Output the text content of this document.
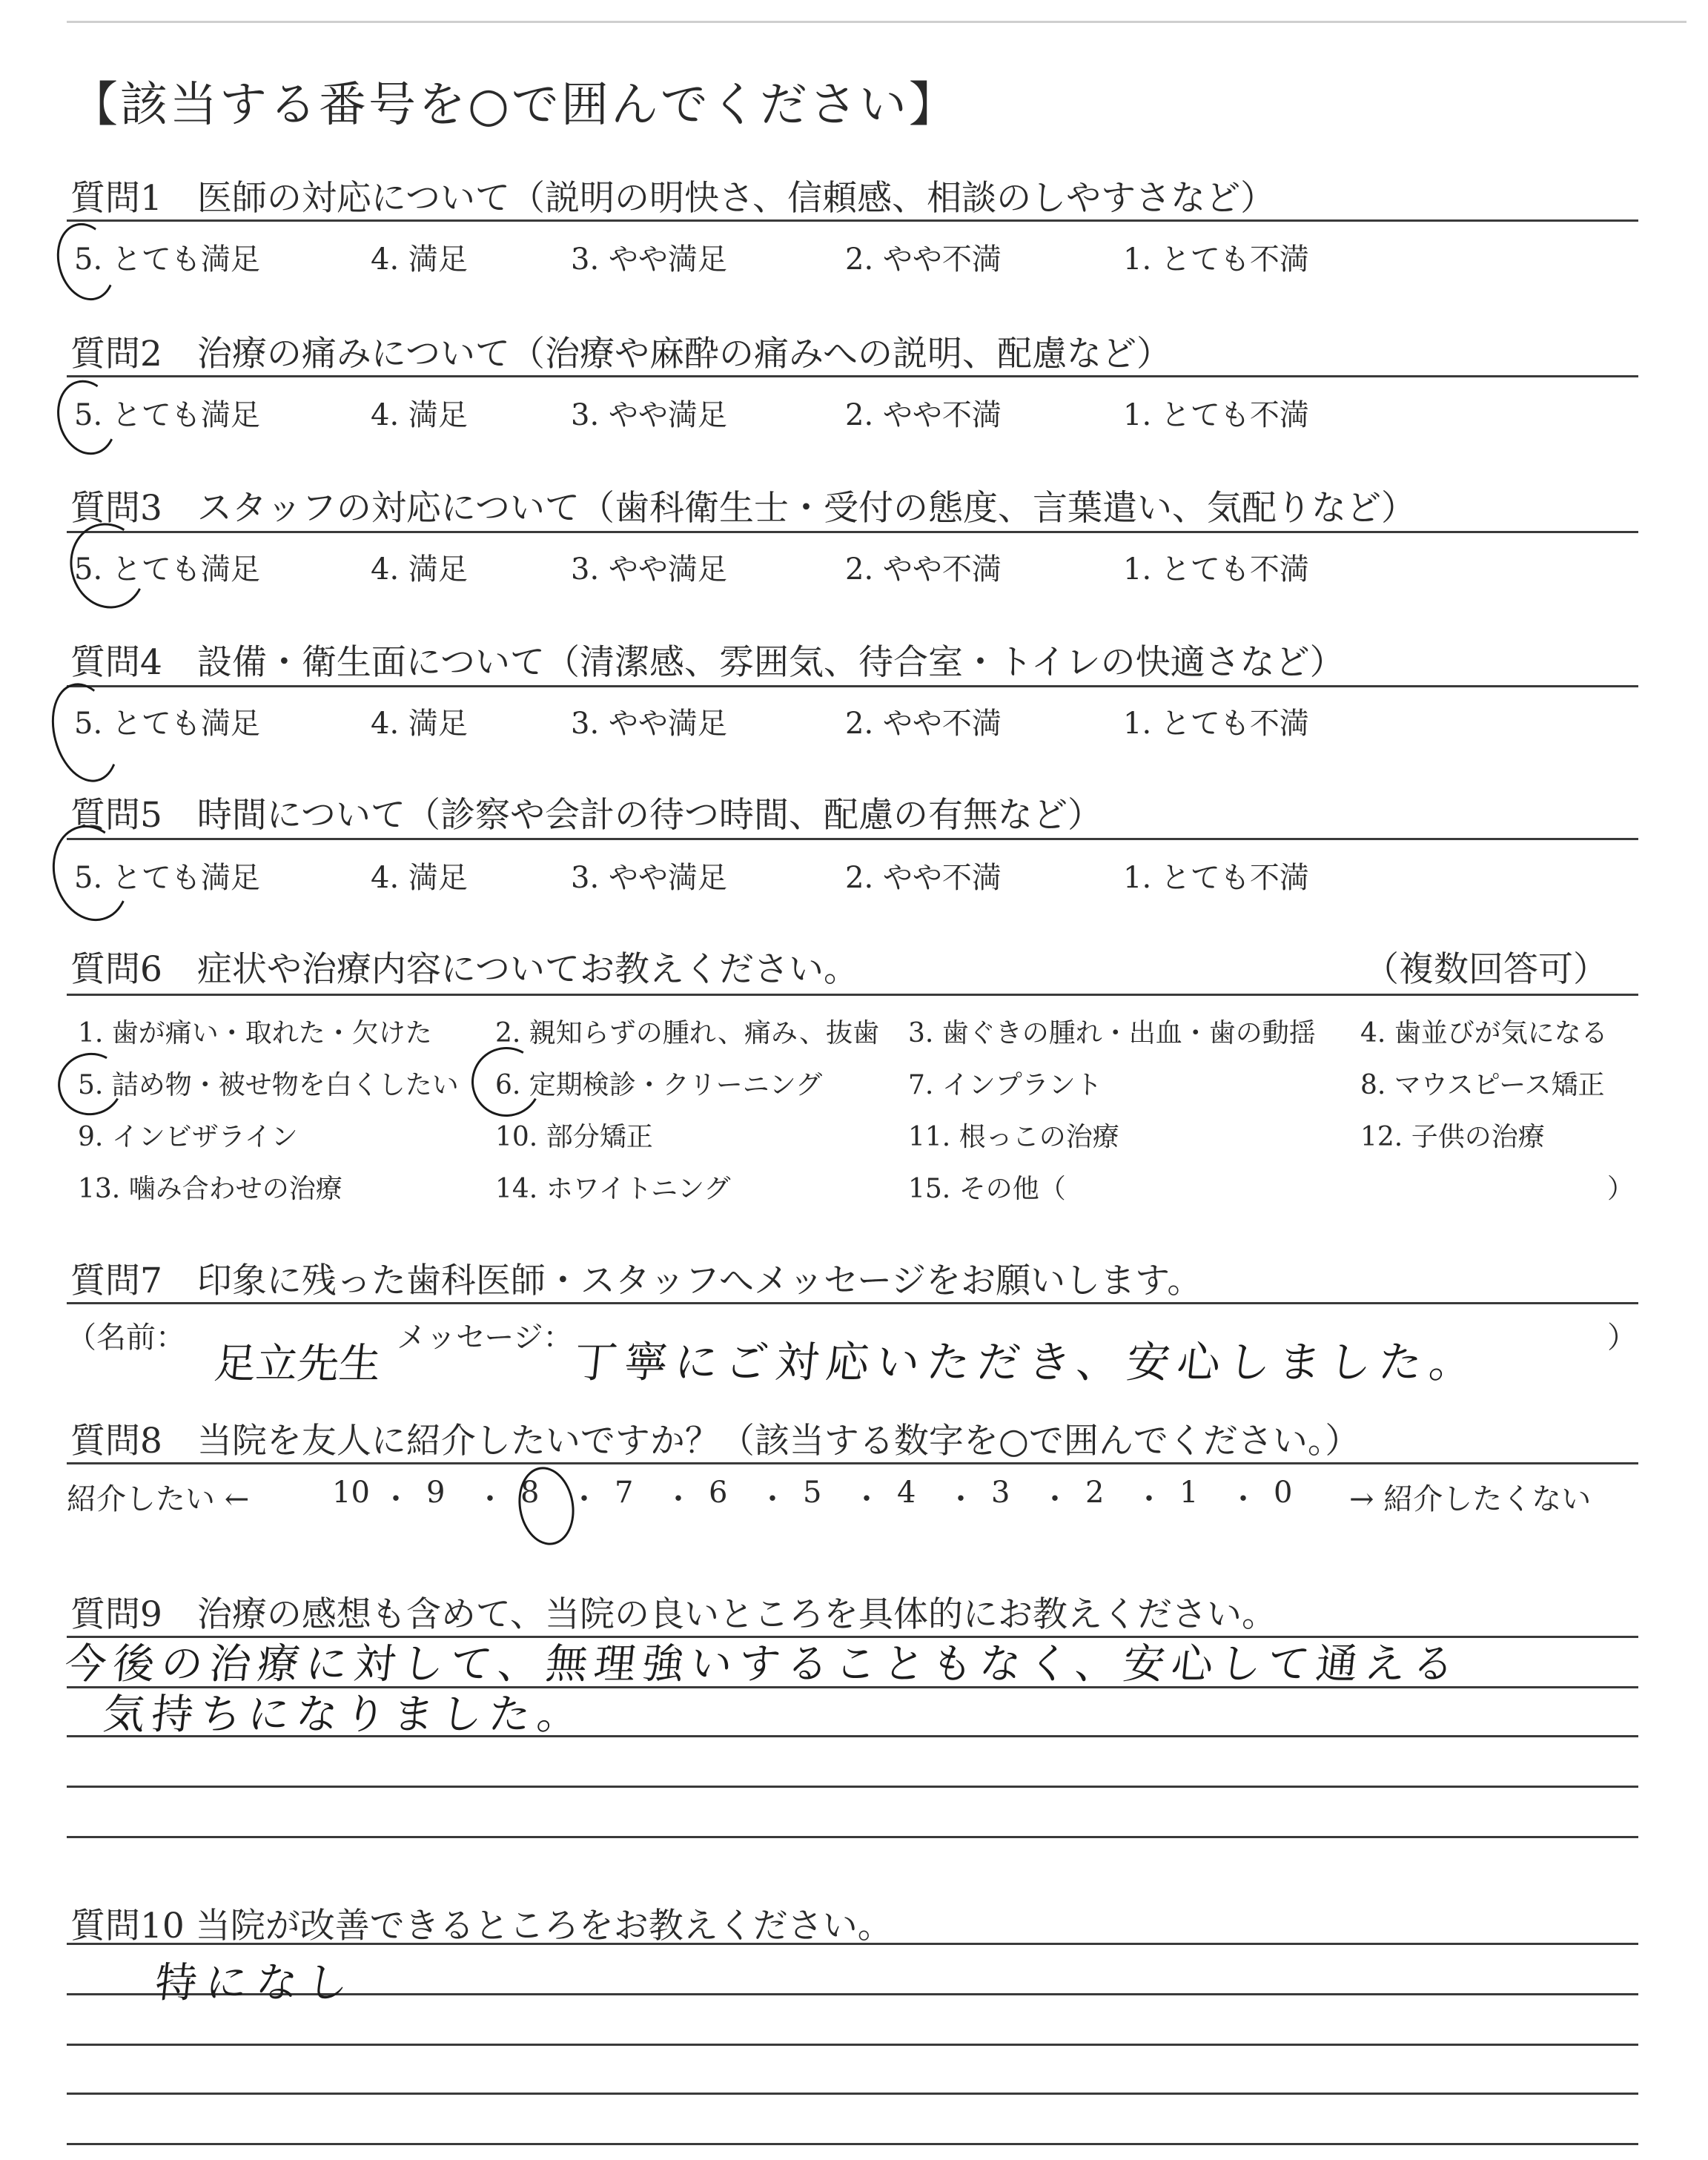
【該当する番号を○で囲んでください】
質問1　医師の対応について（説明の明快さ、信頼感、相談のしやすさなど）
5. とても満足	4. 満足	3. やや満足	2. やや不満	1. とても不満
質問2　治療の痛みについて（治療や麻酔の痛みへの説明、配慮など）
5. とても満足	4. 満足	3. やや満足	2. やや不満	1. とても不満
質問3　スタッフの対応について（歯科衛生士・受付の態度、言葉遣い、気配りなど）
5. とても満足	4. 満足	3. やや満足	2. やや不満	1. とても不満
質問4　設備・衛生面について（清潔感、雰囲気、待合室・トイレの快適さなど）
5. とても満足	4. 満足	3. やや満足	2. やや不満	1. とても不満
質問5　時間について（診察や会計の待つ時間、配慮の有無など）
5. とても満足	4. 満足	3. やや満足	2. やや不満	1. とても不満
質問6　症状や治療内容についてお教えください。	（複数回答可）
1. 歯が痛い・取れた・欠けた 2. 親知らずの腫れ、痛み、抜歯 3. 歯ぐきの腫れ・出血・歯の動揺 4. 歯並びが気になる
5. 詰め物・被せ物を白くしたい 6. 定期検診・クリーニング	7. インプラント	8. マウスピース矯正
9. インビザライン	10. 部分矯正	11. 根っこの治療	12. 子供の治療
13. 噛み合わせの治療	14. ホワイトニング	15. その他（	）
質問7　印象に残った歯科医師・スタッフへメッセージをお願いします。
（名前：
足立先生
メッセージ：
丁寧にご対応いただき、安心しました。	）
質問8　当院を友人に紹介したいですか？（該当する数字を○で囲んでください。）
紹介したい ←	10 ・ 9 ・ 8 ・ 7 ・ 6 ・ 5 ・ 4 ・ 3 ・ 2 ・ 1 ・ 0 → 紹介したくない
質問9　治療の感想も含めて、当院の良いところを具体的にお教えください。
今後の治療に対して、無理強いすることもなく、安心して通える
気持ちになりました。
質問10 当院が改善できるところをお教えください。
特になし
